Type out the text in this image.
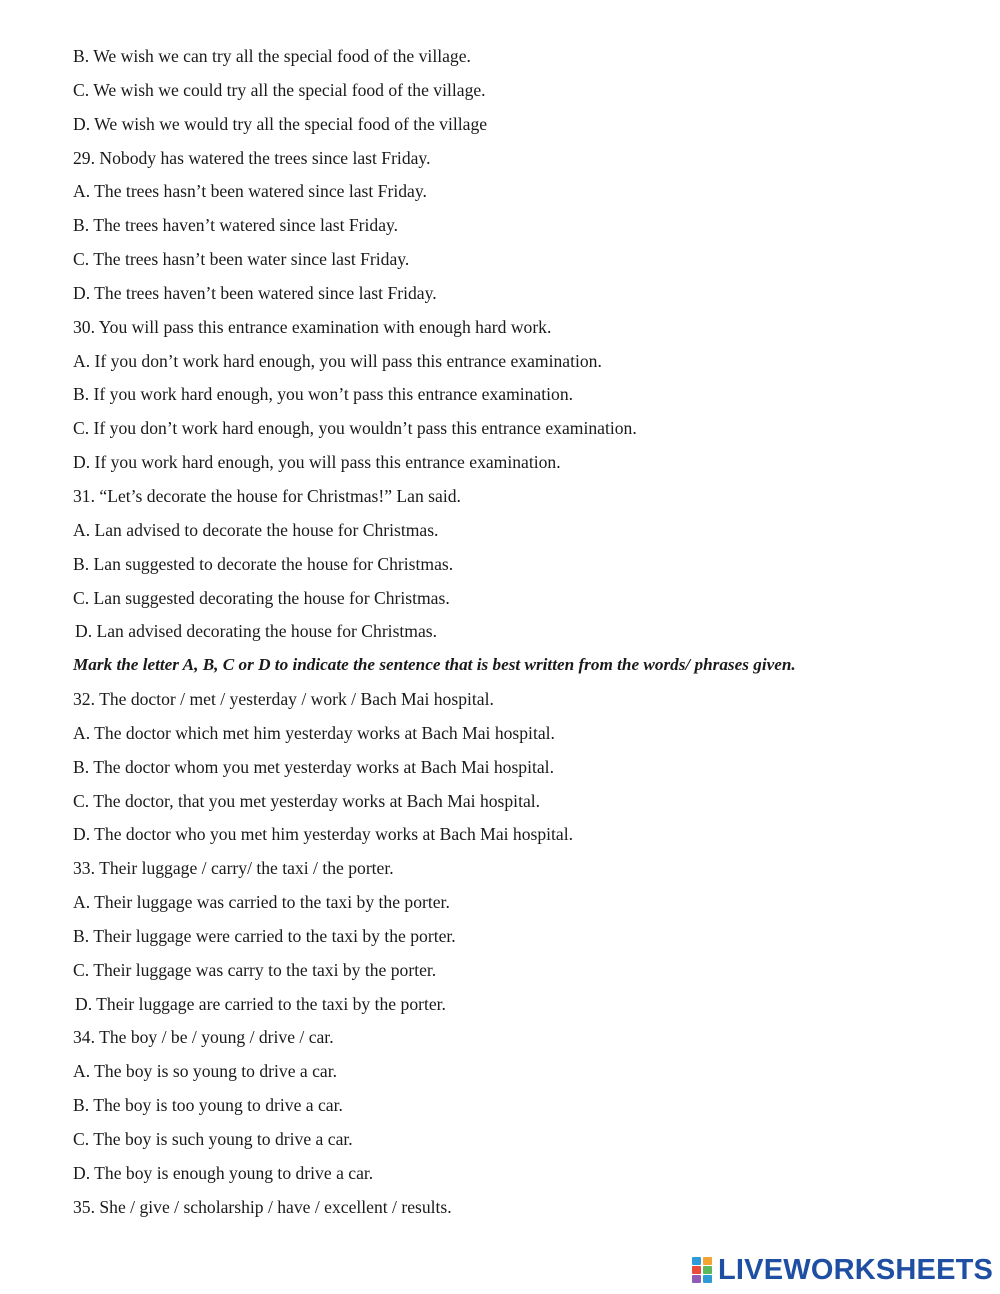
B. We wish we can try all the special food of the village.
C. We wish we could try all the special food of the village.
D. We wish we would try all the special food of the village
29. Nobody has watered the trees since last Friday.
A. The trees hasn’t been watered since last Friday.
B. The trees haven’t watered since last Friday.
C. The trees hasn’t been water since last Friday.
D. The trees haven’t been watered since last Friday.
30. You will pass this entrance examination with enough hard work.
A. If you don’t work hard enough, you will pass this entrance examination.
B. If you work hard enough, you won’t pass this entrance examination.
C. If you don’t work hard enough, you wouldn’t pass this entrance examination.
D. If you work hard enough, you will pass this entrance examination.
31. “Let’s decorate the house for Christmas!” Lan said.
A. Lan advised to decorate the house for Christmas.
B. Lan suggested to decorate the house for Christmas.
C. Lan suggested decorating the house for Christmas.
D. Lan advised decorating the house for Christmas.
Mark the letter A, B, C or D to indicate the sentence that is best written from the words/ phrases given.
32. The doctor / met / yesterday / work / Bach Mai hospital.
A. The doctor which met him yesterday works at Bach Mai hospital.
B. The doctor whom you met yesterday works at Bach Mai hospital.
C. The doctor, that you met yesterday works at Bach Mai hospital.
D. The doctor who you met him yesterday works at Bach Mai hospital.
33. Their luggage / carry/ the taxi / the porter.
A. Their luggage was carried to the taxi by the porter.
B. Their luggage were carried to the taxi by the porter.
C. Their luggage was carry to the taxi by the porter.
D. Their luggage are carried to the taxi by the porter.
34. The boy / be / young / drive / car.
A. The boy is so young to drive a car.
B. The boy is too young to drive a car.
C. The boy is such young to drive a car.
D. The boy is enough young to drive a car.
35. She / give / scholarship / have / excellent / results.
LIVEWORKSHEETS
